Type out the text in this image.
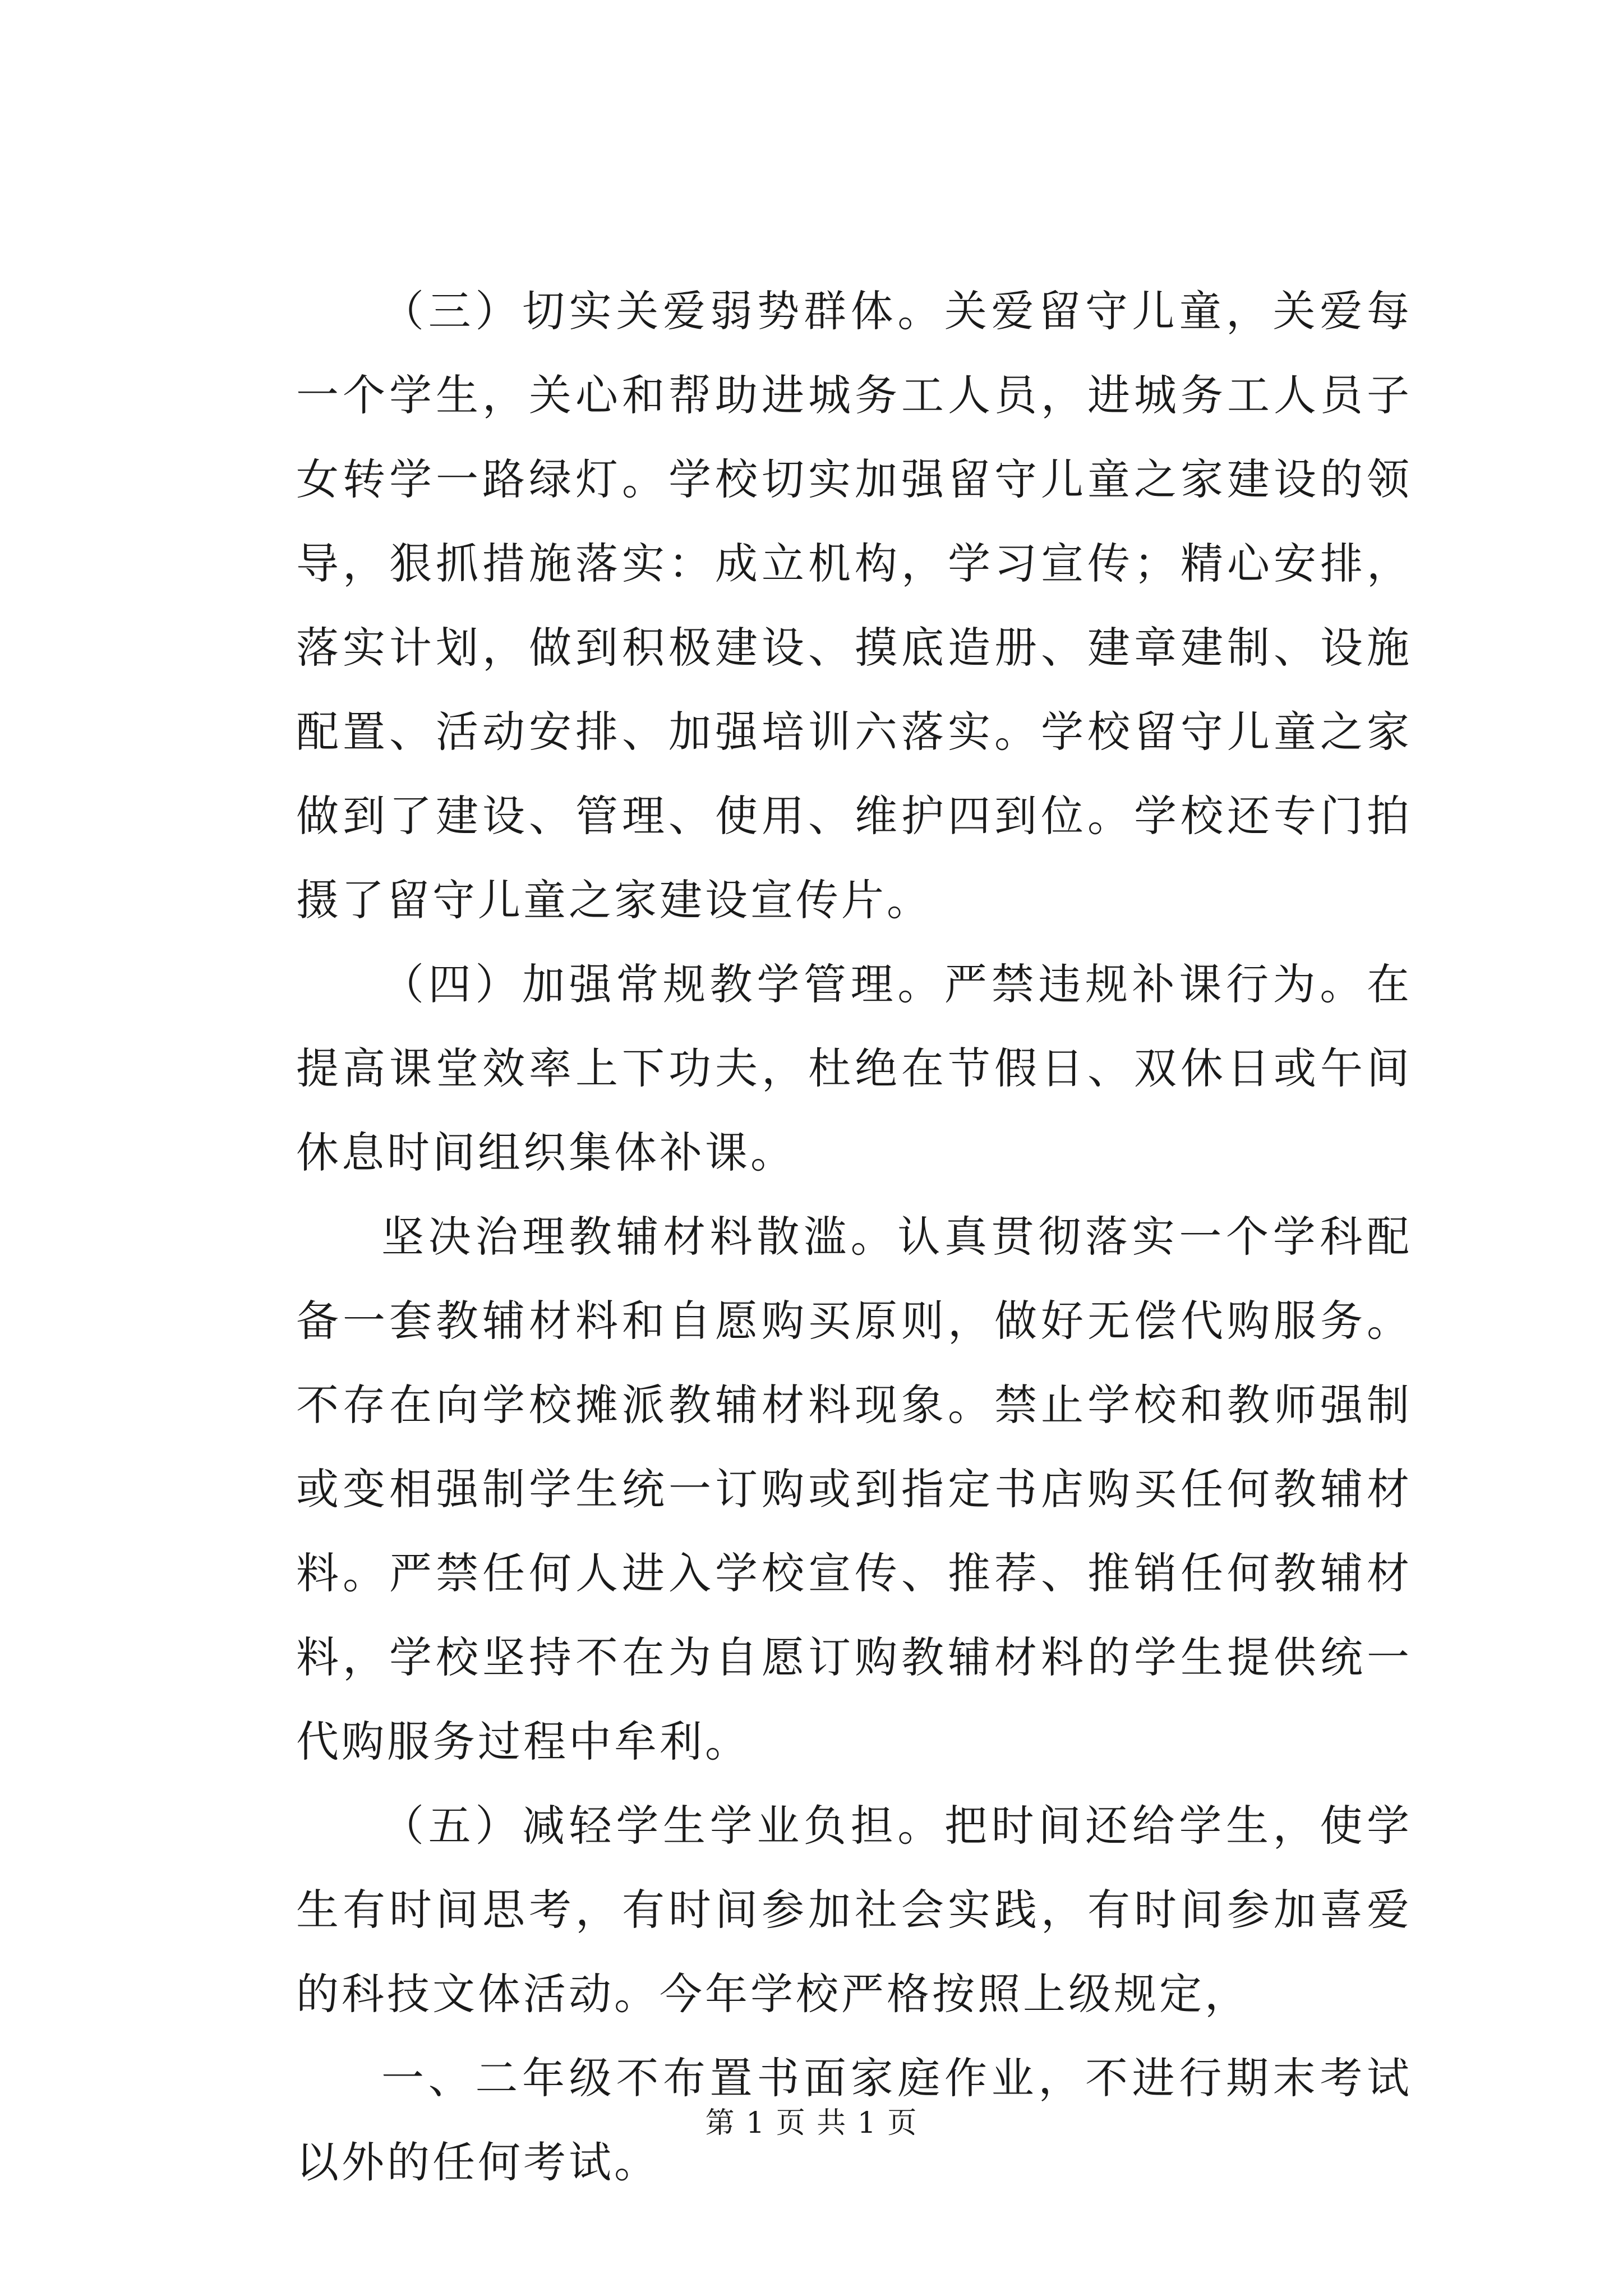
（三）切实关爱弱势群体。关爱留守儿童，关爱每一个学生，关心和帮助进城务工人员，进城务工人员子女转学一路绿灯。学校切实加强留守儿童之家建设的领导，狠抓措施落实：成立机构，学习宣传；精心安排，落实计划，做到积极建设、摸底造册、建章建制、设施配置、活动安排、加强培训六落实。学校留守儿童之家做到了建设、管理、使用、维护四到位。学校还专门拍摄了留守儿童之家建设宣传片。

（四）加强常规教学管理。严禁违规补课行为。在提高课堂效率上下功夫，杜绝在节假日、双休日或午间休息时间组织集体补课。

坚决治理教辅材料散滥。认真贯彻落实一个学科配备一套教辅材料和自愿购买原则，做好无偿代购服务。不存在向学校摊派教辅材料现象。禁止学校和教师强制或变相强制学生统一订购或到指定书店购买任何教辅材料。严禁任何人进入学校宣传、推荐、推销任何教辅材料，学校坚持不在为自愿订购教辅材料的学生提供统一代购服务过程中牟利。

（五）减轻学生学业负担。把时间还给学生，使学生有时间思考，有时间参加社会实践，有时间参加喜爱的科技文体活动。今年学校严格按照上级规定，

一、二年级不布置书面家庭作业，不进行期末考试以外的任何考试。

第 1 页 共 1 页
